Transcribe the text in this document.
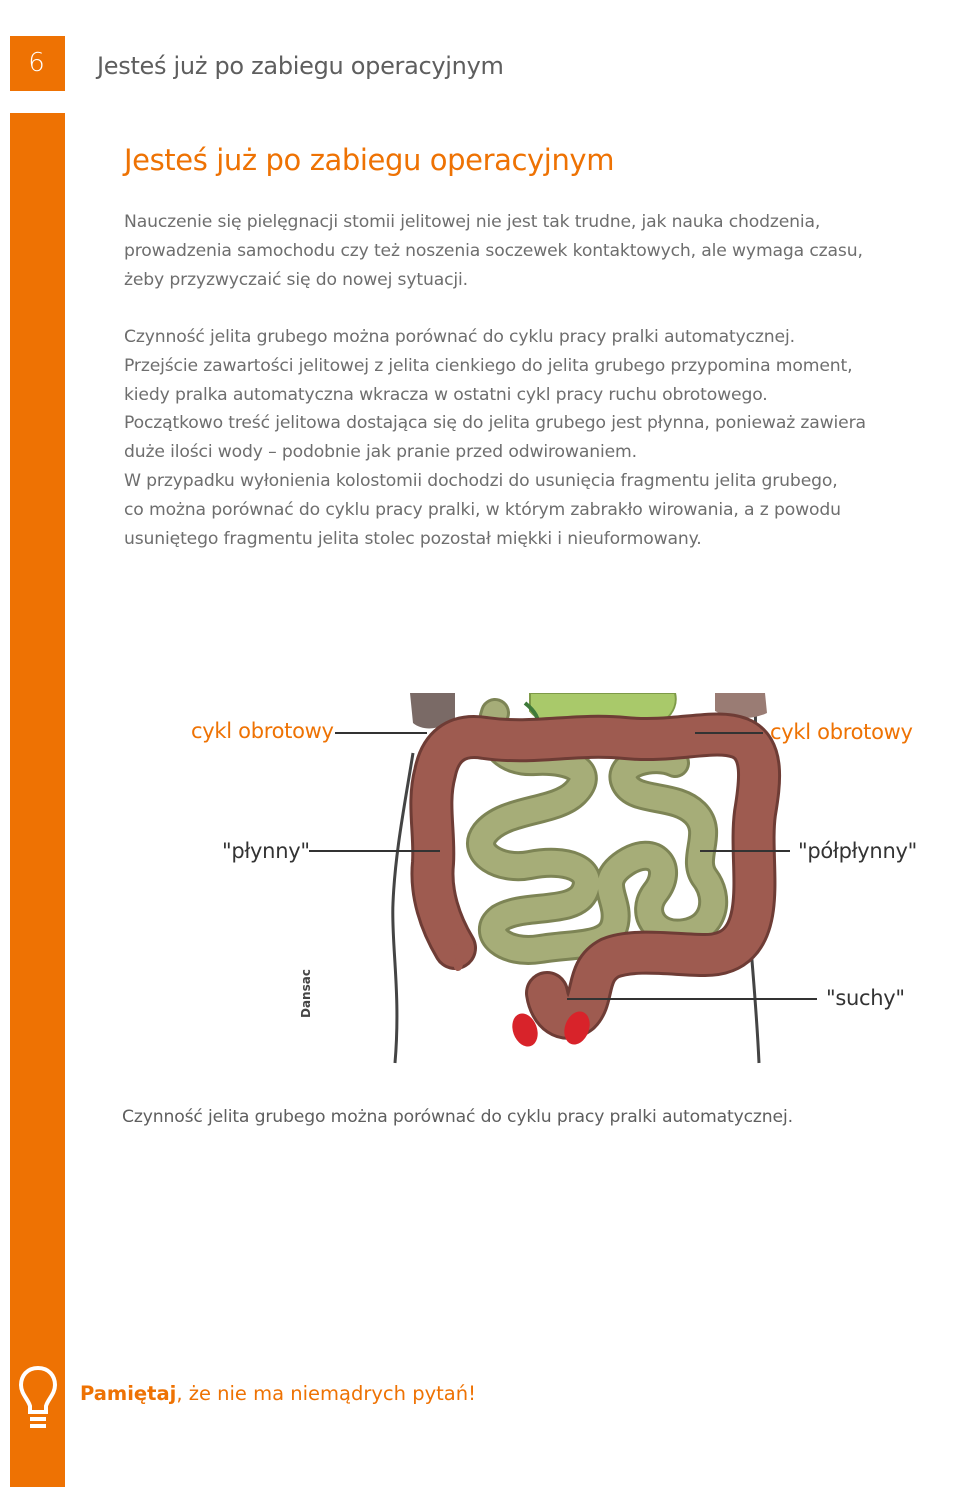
6	Jesteś już po zabiegu operacyjnym
Jesteś już po zabiegu operacyjnym

Nauczenie się pielęgnacji stomii jelitowej nie jest tak trudne, jak nauka chodzenia,

prowadzenia samochodu czy też noszenia soczewek kontaktowych, ale wymaga czasu,

żeby przyzwyczaić się do nowej sytuacji.

Czynność jelita grubego można porównać do cyklu pracy pralki automatycznej.

Przejście zawartości jelitowej z jelita cienkiego do jelita grubego przypomina moment,

kiedy pralka automatyczna wkracza w ostatni cykl pracy ruchu obrotowego.

Początkowo treść jelitowa dostająca się do jelita grubego jest płynna, ponieważ zawiera

duże ilości wody – podobnie jak pranie przed odwirowaniem.

W przypadku wyłonienia kolostomii dochodzi do usunięcia fragmentu jelita grubego,

co można porównać do cyklu pracy pralki, w którym zabrakło wirowania, a z powodu

usuniętego fragmentu jelita stolec pozostał miękki i nieuformowany.

cykl obrotowy	cykl obrotowy
"płynny"	"półpłynny"
"suchy"
Dansac
Czynność jelita grubego można porównać do cyklu pracy pralki automatycznej.
Pamiętaj, że nie ma niemądrych pytań!
